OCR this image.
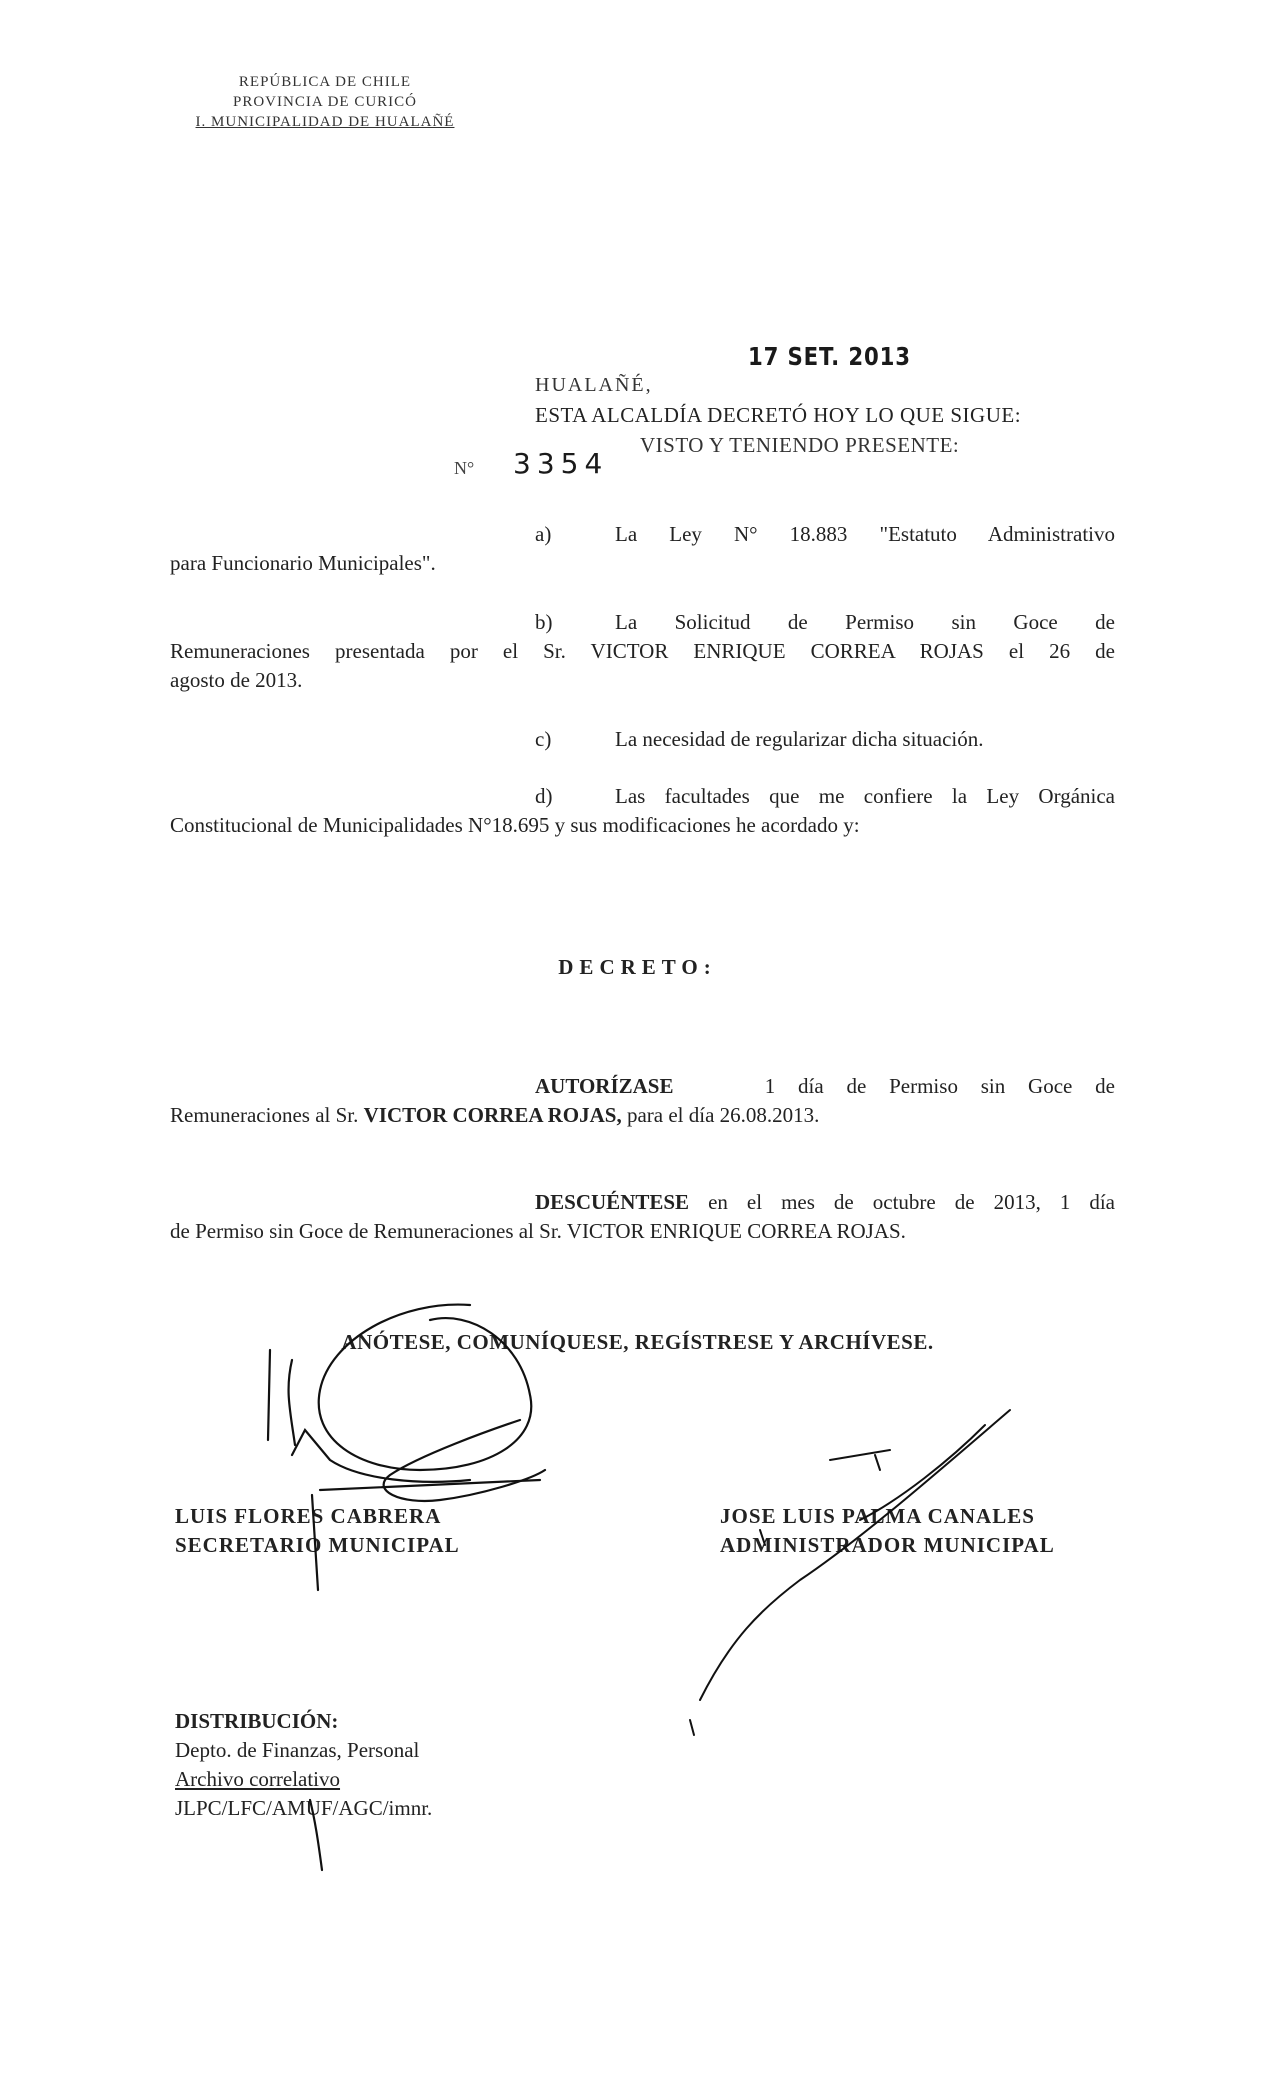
REPÚBLICA DE CHILE
PROVINCIA DE CURICÓ
I. MUNICIPALIDAD DE HUALAÑÉ
17 SET. 2013
HUALAÑÉ,
ESTA ALCALDÍA DECRETÓ HOY LO QUE SIGUE:
VISTO Y TENIENDO PRESENTE:
N° 3354
a)	La Ley N° 18.883 "Estatuto Administrativo
para Funcionario Municipales".
b)	La Solicitud de Permiso sin Goce de
Remuneraciones presentada por el Sr. VICTOR ENRIQUE CORREA ROJAS el 26 de
agosto de 2013.
c)	La necesidad de regularizar dicha situación.
d)	Las facultades que me confiere la Ley Orgánica
Constitucional de Municipalidades N°18.695 y sus modificaciones he acordado y:
DECRETO:
AUTORÍZASE	1 día de Permiso sin Goce de
Remuneraciones al Sr. VICTOR CORREA ROJAS, para el día 26.08.2013.
DESCUÉNTESE en el mes de octubre de 2013, 1 día
de Permiso sin Goce de Remuneraciones al Sr. VICTOR ENRIQUE CORREA ROJAS.
ANÓTESE, COMUNÍQUESE, REGÍSTRESE Y ARCHÍVESE.
LUIS FLORES CABRERA
SECRETARIO MUNICIPAL
JOSE LUIS PALMA CANALES
ADMINISTRADOR MUNICIPAL
DISTRIBUCIÓN:
Depto. de Finanzas, Personal
Archivo correlativo
JLPC/LFC/AMUF/AGC/imnr.
